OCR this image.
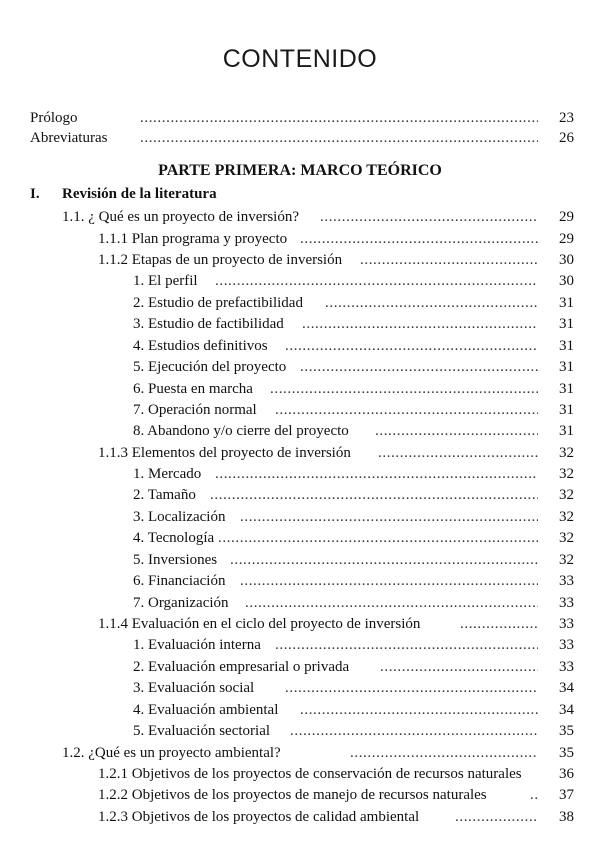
CONTENIDO
Prólogo .....	23
Abreviaturas .....	26
PARTE PRIMERA: MARCO TEÓRICO
I. Revisión de la literatura
1.1. ¿ Qué es un proyecto de inversión? .....	29
1.1.1 Plan programa y proyecto .....	29
1.1.2 Etapas de un proyecto de inversión .....	30
1. El perfil .....	30
2. Estudio de prefactibilidad .....	31
3. Estudio de factibilidad .....	31
4. Estudios definitivos .....	31
5. Ejecución del proyecto .....	31
6. Puesta en marcha .....	31
7. Operación normal .....	31
8. Abandono y/o cierre del proyecto .....	31
1.1.3 Elementos del proyecto de inversión .....	32
1. Mercado .....	32
2. Tamaño .....	32
3. Localización .....	32
4. Tecnología .....	32
5. Inversiones .....	32
6. Financiación .....	33
7. Organización .....	33
1.1.4 Evaluación en el ciclo del proyecto de inversión .....	33
1. Evaluación interna .....	33
2. Evaluación empresarial o privada .....	33
3. Evaluación social .....	34
4. Evaluación ambiental .....	34
5. Evaluación sectorial .....	35
1.2. ¿Qué es un proyecto ambiental? .....	35
1.2.1 Objetivos de los proyectos de conservación de recursos naturales	36
1.2.2 Objetivos de los proyectos de manejo de recursos naturales .....	37
1.2.3 Objetivos de los proyectos de calidad ambiental .....	38
